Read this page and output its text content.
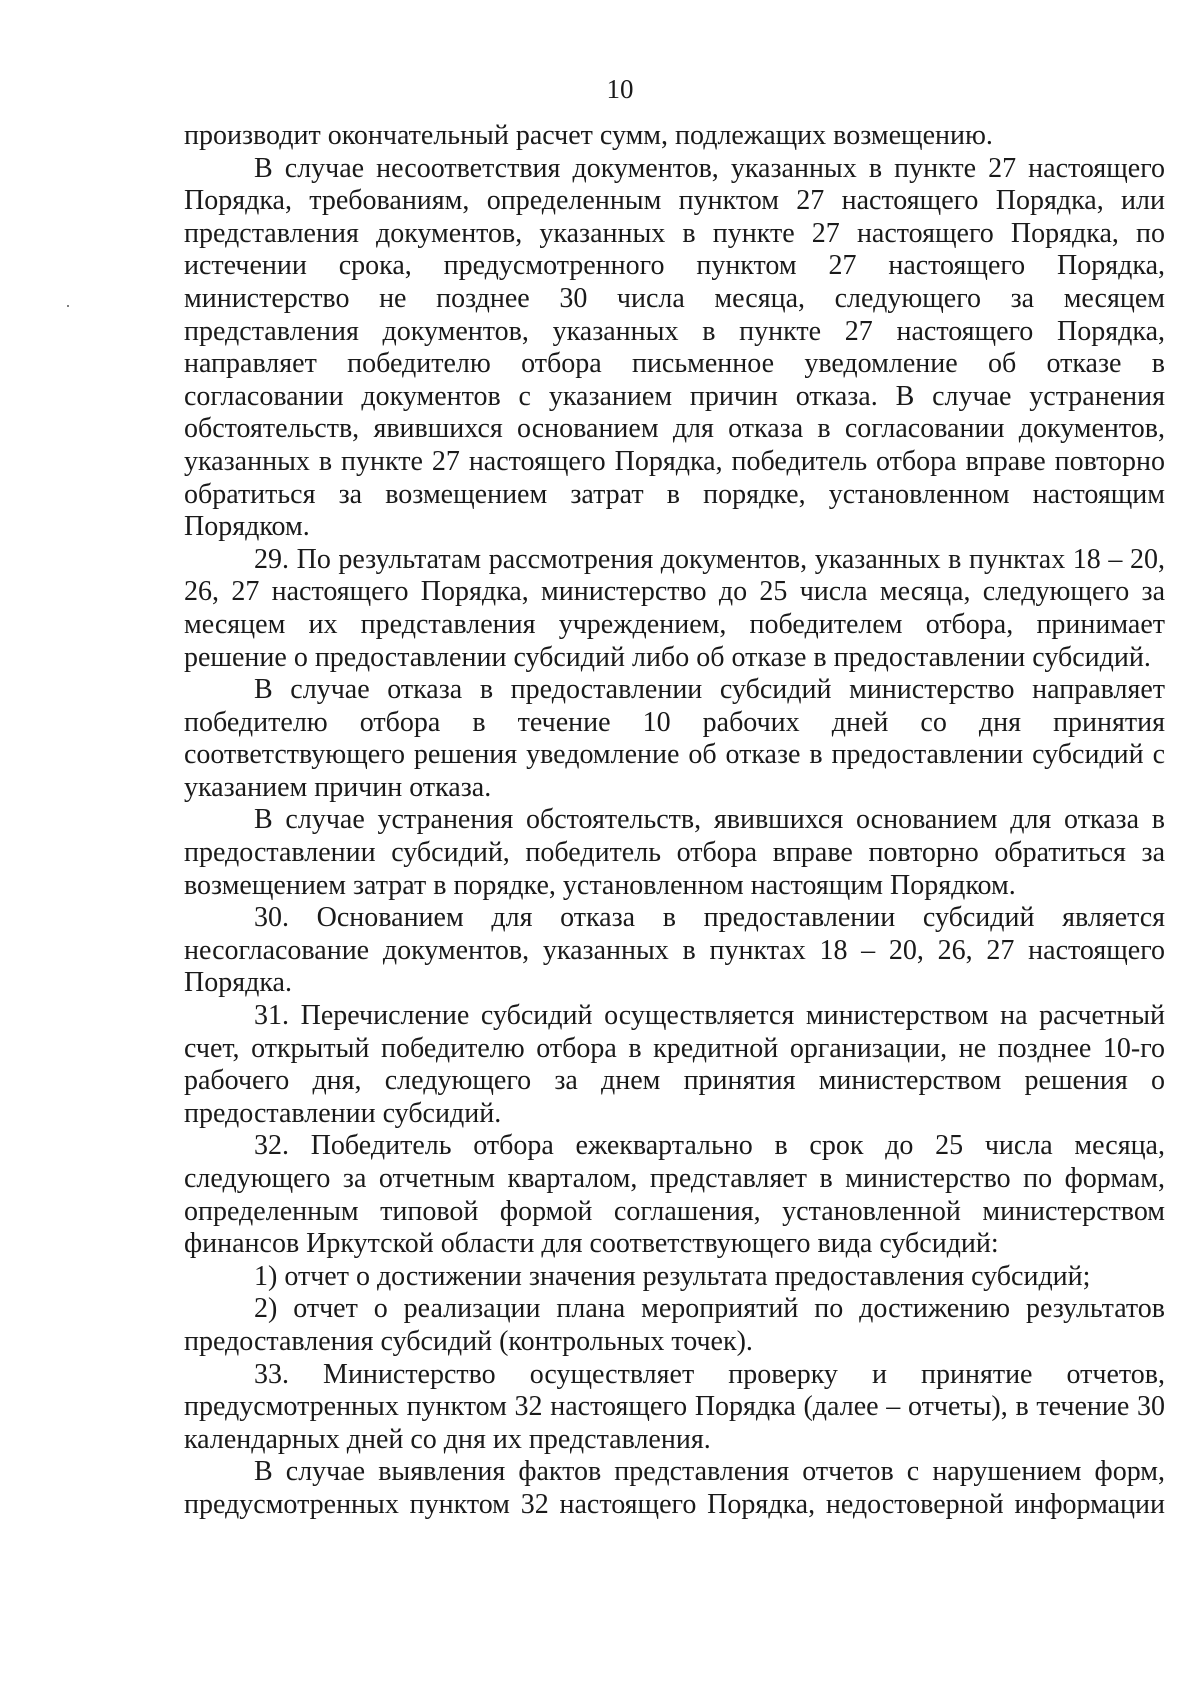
10

производит окончательный расчет сумм, подлежащих возмещению.

В случае несоответствия документов, указанных в пункте 27 настоящего Порядка, требованиям, определенным пунктом 27 настоящего Порядка, или представления документов, указанных в пункте 27 настоящего Порядка, по истечении срока, предусмотренного пунктом 27 настоящего Порядка, министерство не позднее 30 числа месяца, следующего за месяцем представления документов, указанных в пункте 27 настоящего Порядка, направляет победителю отбора письменное уведомление об отказе в согласовании документов с указанием причин отказа. В случае устранения обстоятельств, явившихся основанием для отказа в согласовании документов, указанных в пункте 27 настоящего Порядка, победитель отбора вправе повторно обратиться за возмещением затрат в порядке, установленном настоящим Порядком.

29. По результатам рассмотрения документов, указанных в пунктах 18 – 20, 26, 27 настоящего Порядка, министерство до 25 числа месяца, следующего за месяцем их представления учреждением, победителем отбора, принимает решение о предоставлении субсидий либо об отказе в предоставлении субсидий.

В случае отказа в предоставлении субсидий министерство направляет победителю отбора в течение 10 рабочих дней со дня принятия соответствующего решения уведомление об отказе в предоставлении субсидий с указанием причин отказа.

В случае устранения обстоятельств, явившихся основанием для отказа в предоставлении субсидий, победитель отбора вправе повторно обратиться за возмещением затрат в порядке, установленном настоящим Порядком.

30. Основанием для отказа в предоставлении субсидий является несогласование документов, указанных в пунктах 18 – 20, 26, 27 настоящего Порядка.

31. Перечисление субсидий осуществляется министерством на расчетный счет, открытый победителю отбора в кредитной организации, не позднее 10-го рабочего дня, следующего за днем принятия министерством решения о предоставлении субсидий.

32. Победитель отбора ежеквартально в срок до 25 числа месяца, следующего за отчетным кварталом, представляет в министерство по формам, определенным типовой формой соглашения, установленной министерством финансов Иркутской области для соответствующего вида субсидий:

1) отчет о достижении значения результата предоставления субсидий;

2) отчет о реализации плана мероприятий по достижению результатов предоставления субсидий (контрольных точек).

33. Министерство осуществляет проверку и принятие отчетов, предусмотренных пунктом 32 настоящего Порядка (далее – отчеты), в течение 30 календарных дней со дня их представления.

В случае выявления фактов представления отчетов с нарушением форм, предусмотренных пунктом 32 настоящего Порядка, недостоверной информации
